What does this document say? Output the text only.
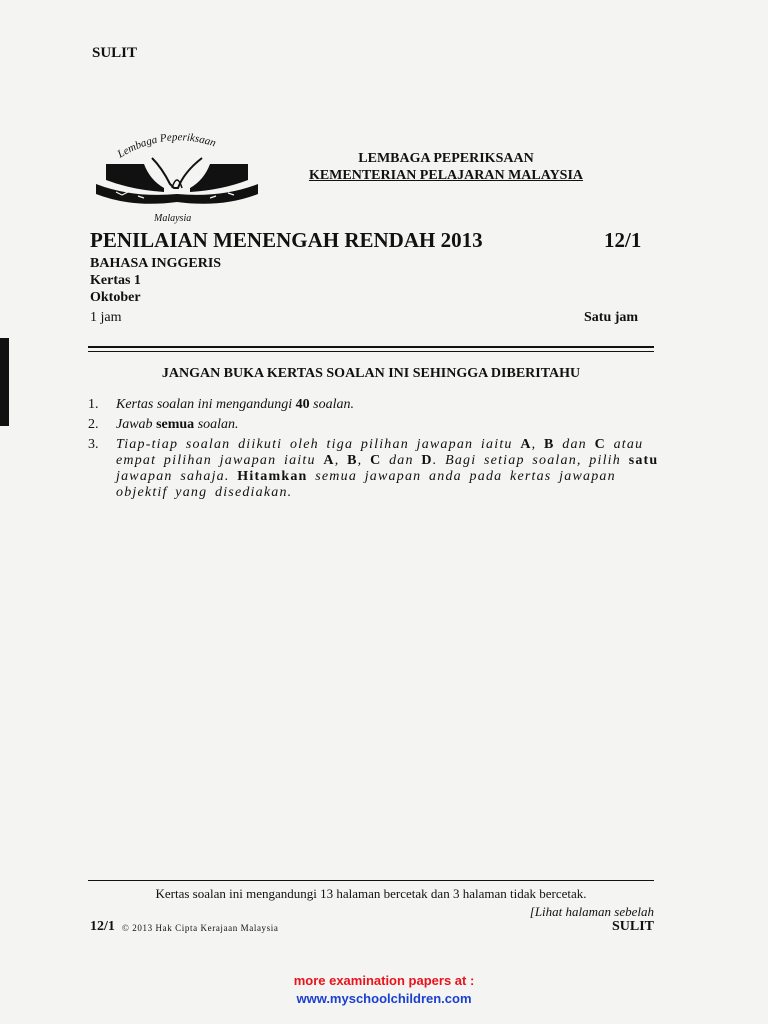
SULIT
Lembaga Peperiksaan
Malaysia
LEMBAGA PEPERIKSAAN
KEMENTERIAN PELAJARAN MALAYSIA
PENILAIAN MENENGAH RENDAH 2013	12/1
BAHASA INGGERIS
Kertas 1
Oktober
1 jam	Satu jam
JANGAN BUKA KERTAS SOALAN INI SEHINGGA DIBERITAHU
1.	Kertas soalan ini mengandungi 40 soalan.
2.	Jawab semua soalan.
3.	Tiap-tiap soalan diikuti oleh tiga pilihan jawapan iaitu A, B dan C atau empat pilihan jawapan iaitu A, B, C dan D. Bagi setiap soalan, pilih satu jawapan sahaja. Hitamkan semua jawapan anda pada kertas jawapan objektif yang disediakan.
Kertas soalan ini mengandungi 13 halaman bercetak dan 3 halaman tidak bercetak.
[Lihat halaman sebelah
12/1 © 2013 Hak Cipta Kerajaan Malaysia	SULIT
more examination papers at :
www.myschoolchildren.com
